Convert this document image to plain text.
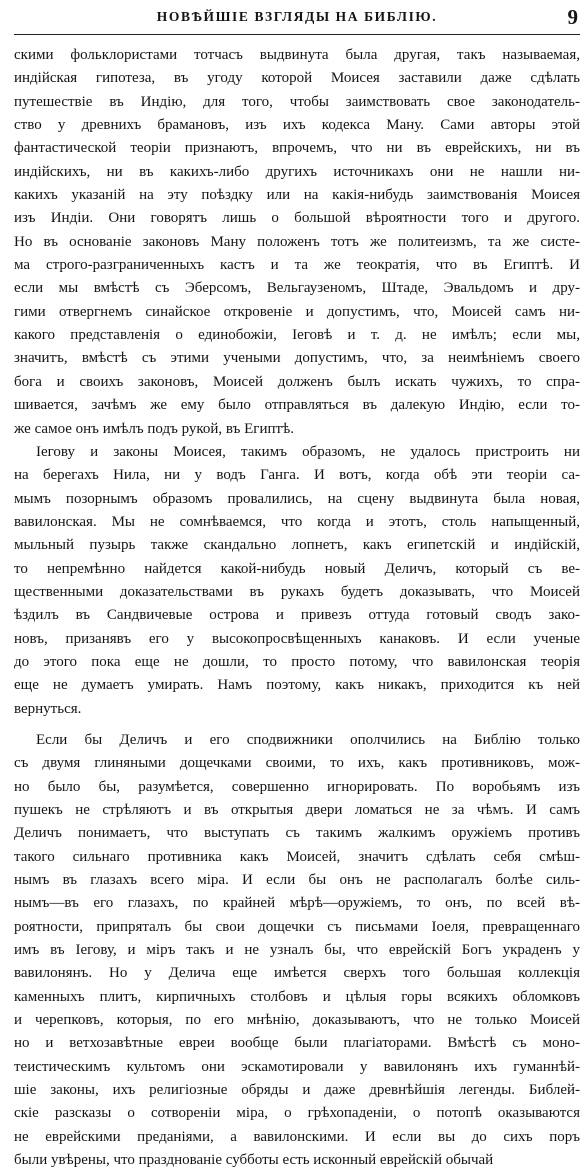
НОВѢЙШІЕ ВЗГЛЯДЫ НА БИБЛІЮ.	9
скими фольклористами тотчасъ выдвинута была другая, такъ называемая,
индійская гипотеза, въ угоду которой Моисея заставили даже сдѣлать
путешествіе въ Индію, для того, чтобы заимствовать свое законодатель-
ство у древнихъ брамановъ, изъ ихъ кодекса Ману. Сами авторы этой
фантастической теоріи признаютъ, впрочемъ, что ни въ еврейскихъ, ни въ
индійскихъ, ни въ какихъ-либо другихъ источникахъ они не нашли ни-
какихъ указаній на эту поѣздку или на какія-нибудь заимствованія Моисея
изъ Индіи. Они говорятъ лишь о большой вѣроятности того и другого.
Но въ основаніе законовъ Ману положенъ тотъ же политеизмъ, та же систе-
ма строго-разграниченныхъ кастъ и та же теократія, что въ Египтѣ. И
если мы вмѣстѣ съ Эберсомъ, Вельгаузеномъ, Штаде, Эвальдомъ и дру-
гими отвергнемъ синайское откровеніе и допустимъ, что, Моисей самъ ни-
какого представленія о единобожіи, Іеговѣ и т. д. не имѣлъ; если мы,
значитъ, вмѣстѣ съ этими учеными допустимъ, что, за неимѣніемъ своего
бога и своихъ законовъ, Моисей долженъ былъ искать чужихъ, то спра-
шивается, зачѣмъ же ему было отправляться въ далекую Индію, если то-
же самое онъ имѣлъ подъ рукой, въ Египтѣ.
Іегову и законы Моисея, такимъ образомъ, не удалось пристроить ни
на берегахъ Нила, ни у водъ Ганга. И вотъ, когда обѣ эти теоріи са-
мымъ позорнымъ образомъ провалились, на сцену выдвинута была новая,
вавилонская. Мы не сомнѣваемся, что когда и этотъ, столь напыщенный,
мыльный пузырь также скандально лопнетъ, какъ египетскій и индійскій,
то непремѣнно найдется какой-нибудь новый Деличъ, который съ ве-
щественными доказательствами въ рукахъ будетъ доказывать, что Моисей
ѣздилъ въ Сандвичевые острова и привезъ оттуда готовый сводъ зако-
новъ, призанявъ его у высокопросвѣщенныхъ канаковъ. И если ученые
до этого пока еще не дошли, то просто потому, что вавилонская теорія
еще не думаетъ умирать. Намъ поэтому, какъ никакъ, приходится къ ней
вернуться.
Если бы Деличъ и его сподвижники ополчились на Библію только
съ двумя глиняными дощечками своими, то ихъ, какъ противниковъ, мож-
но было бы, разумѣется, совершенно игнорировать. По воробьямъ изъ
пушекъ не стрѣляютъ и въ открытыя двери ломаться не за чѣмъ. И самъ
Деличъ понимаетъ, что выступать съ такимъ жалкимъ оружіемъ противъ
такого сильнаго противника какъ Моисей, значитъ сдѣлать себя смѣш-
нымъ въ глазахъ всего міра. И если бы онъ не располагалъ болѣе силь-
нымъ—въ его глазахъ, по крайней мѣрѣ—оружіемъ, то онъ, по всей вѣ-
роятности, припряталъ бы свои дощечки съ письмами Іоеля, превращеннаго
имъ въ Іегову, и міръ такъ и не узналъ бы, что еврейскій Богъ украденъ у
вавилонянъ. Но у Делича еще имѣется сверхъ того большая коллекція
каменныхъ плитъ, кирпичныхъ столбовъ и цѣлыя горы всякихъ обломковъ
и черепковъ, которыя, по его мнѣнію, доказываютъ, что не только Моисей
но и ветхозавѣтные евреи вообще были плагіаторами. Вмѣстѣ съ моно-
теистическимъ культомъ они эскамотировали у вавилонянъ ихъ гуманнѣй-
шіе законы, ихъ религіозные обряды и даже древнѣйшія легенды. Библей-
скіе разсказы о сотвореніи міра, о грѣхопаденіи, о потопѣ оказываются
не еврейскими преданіями, а вавилонскими. И если вы до сихъ поръ
были увѣрены, что празднованіе субботы есть исконный еврейскій обычай
